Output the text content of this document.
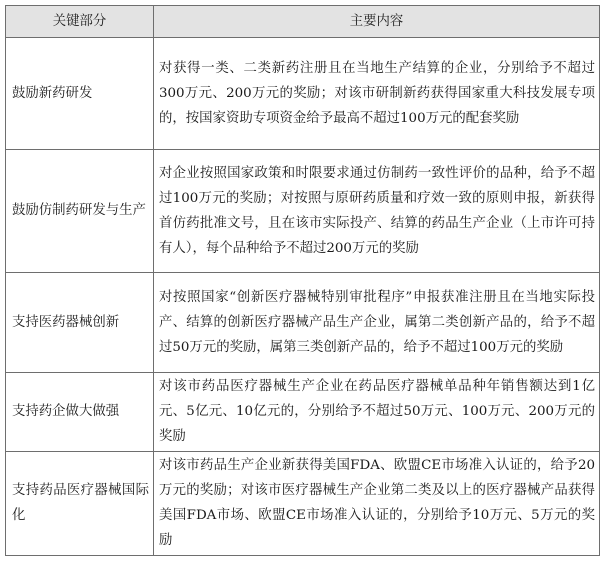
关键部分	主要内容
鼓励新药研发	对获得一类、二类新药注册且在当地生产结算的企业，分别给予不超过300万元、200万元的奖励；对该市研制新药获得国家重大科技发展专项的，按国家资助专项资金给予最高不超过100万元的配套奖励
鼓励仿制药研发与生产	对企业按照国家政策和时限要求通过仿制药一致性评价的品种，给予不超过100万元的奖励；对按照与原研药质量和疗效一致的原则申报，新获得首仿药批准文号，且在该市实际投产、结算的药品生产企业（上市许可持有人），每个品种给予不超过200万元的奖励
支持医药器械创新	对按照国家“创新医疗器械特别审批程序”申报获准注册且在当地实际投产、结算的创新医疗器械产品生产企业，属第二类创新产品的，给予不超过50万元的奖励，属第三类创新产品的，给予不超过100万元的奖励
支持药企做大做强	对该市药品医疗器械生产企业在药品医疗器械单品种年销售额达到1亿元、5亿元、10亿元的，分别给予不超过50万元、100万元、200万元的奖励
支持药品医疗器械国际化	对该市药品生产企业新获得美国FDA、欧盟CE市场准入认证的，给予20万元的奖励；对该市医疗器械生产企业第二类及以上的医疗器械产品获得美国FDA市场、欧盟CE市场准入认证的，分别给予10万元、5万元的奖励
